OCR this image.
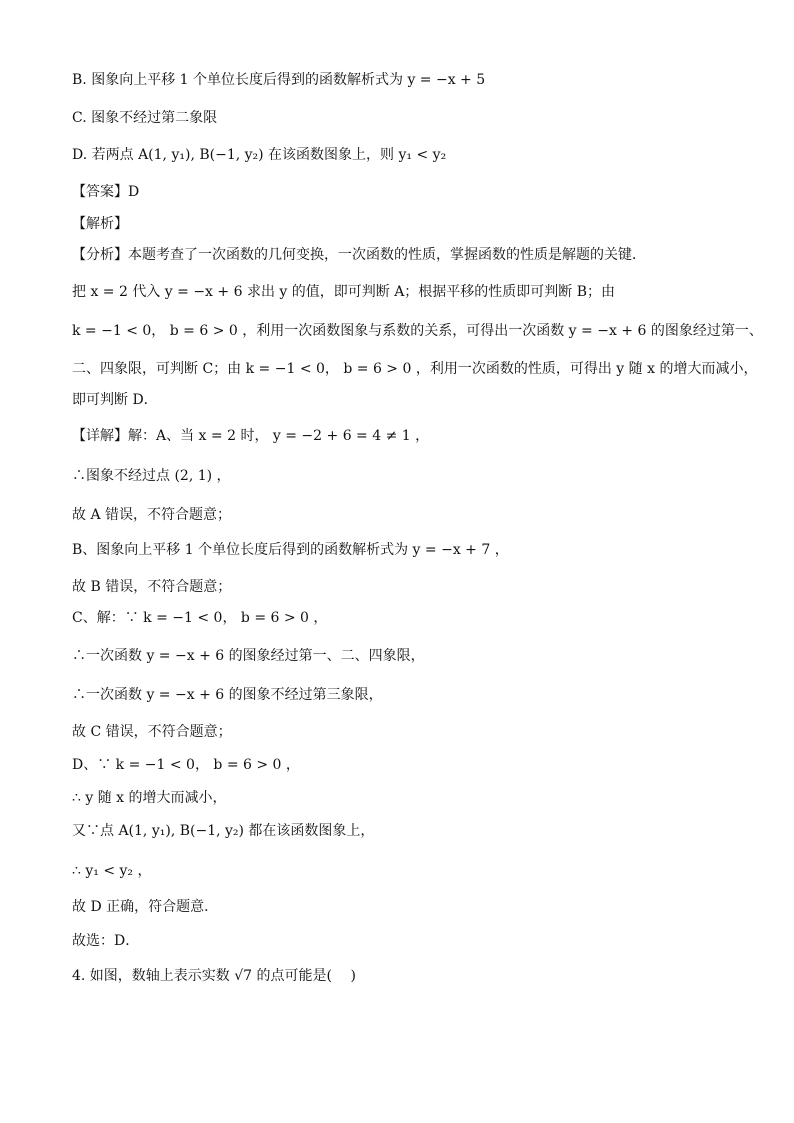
B. 图象向上平移 1 个单位长度后得到的函数解析式为 y = −x + 5
C. 图象不经过第二象限
D. 若两点 A(1, y₁), B(−1, y₂) 在该函数图象上，则 y₁ < y₂
【答案】D
【解析】
【分析】本题考查了一次函数的几何变换，一次函数的性质，掌握函数的性质是解题的关键．
把 x = 2 代入 y = −x + 6 求出 y 的值，即可判断 A；根据平移的性质即可判断 B；由
k = −1 < 0， b = 6 > 0 ，利用一次函数图象与系数的关系，可得出一次函数 y = −x + 6 的图象经过第一、
二、四象限，可判断 C；由 k = −1 < 0， b = 6 > 0 ，利用一次函数的性质，可得出 y 随 x 的增大而减小，
即可判断 D．
【详解】解：A、当 x = 2 时， y = −2 + 6 = 4 ≠ 1 ，
∴图象不经过点 (2, 1) ，
故 A 错误，不符合题意；
B、图象向上平移 1 个单位长度后得到的函数解析式为 y = −x + 7 ，
故 B 错误，不符合题意；
C、解：∵ k = −1 < 0， b = 6 > 0 ，
∴一次函数 y = −x + 6 的图象经过第一、二、四象限，
∴一次函数 y = −x + 6 的图象不经过第三象限，
故 C 错误，不符合题意；
D、∵ k = −1 < 0， b = 6 > 0 ，
∴ y 随 x 的增大而减小，
又∵点 A(1, y₁), B(−1, y₂) 都在该函数图象上，
∴ y₁ < y₂ ，
故 D 正确，符合题意．
故选：D．
4. 如图，数轴上表示实数 √7 的点可能是(　 )
